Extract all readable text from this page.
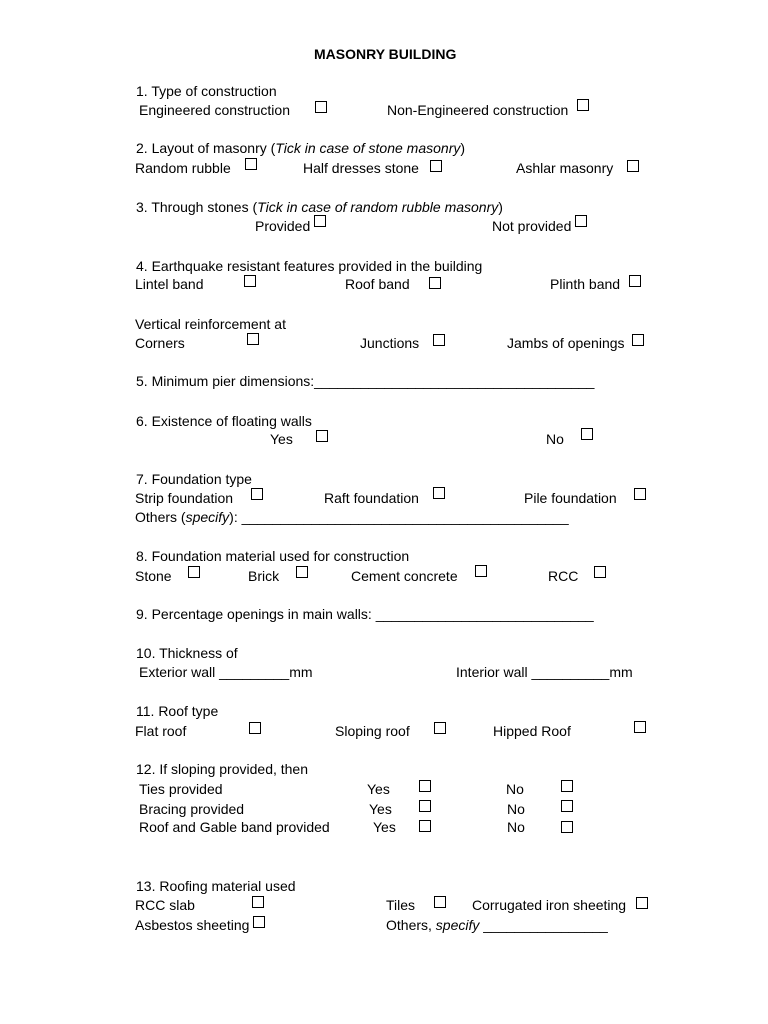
MASONRY BUILDING
1. Type of construction
Engineered construction	Non-Engineered construction
2. Layout of masonry (Tick in case of stone masonry)
Random rubble	Half dresses stone	Ashlar masonry
3. Through stones (Tick in case of random rubble masonry)
Provided	Not provided
4. Earthquake resistant features provided in the building
Lintel band	Roof band	Plinth band
Vertical reinforcement at
Corners	Junctions	Jambs of openings
5. Minimum pier dimensions:____________________________________
6. Existence of floating walls
Yes	No
7. Foundation type
Strip foundation	Raft foundation	Pile foundation
Others (specify): __________________________________________
8. Foundation material used for construction
Stone	Brick	Cement concrete	RCC
9. Percentage openings in main walls: ____________________________
10. Thickness of
Exterior wall _________mm	Interior wall __________mm
11. Roof type
Flat roof	Sloping roof	Hipped Roof
12. If sloping provided, then
Ties provided	Yes	No
Bracing provided	Yes	No
Roof and Gable band provided	Yes	No
13. Roofing material used
RCC slab	Tiles	Corrugated iron sheeting
Asbestos sheeting	Others, specify ________________
